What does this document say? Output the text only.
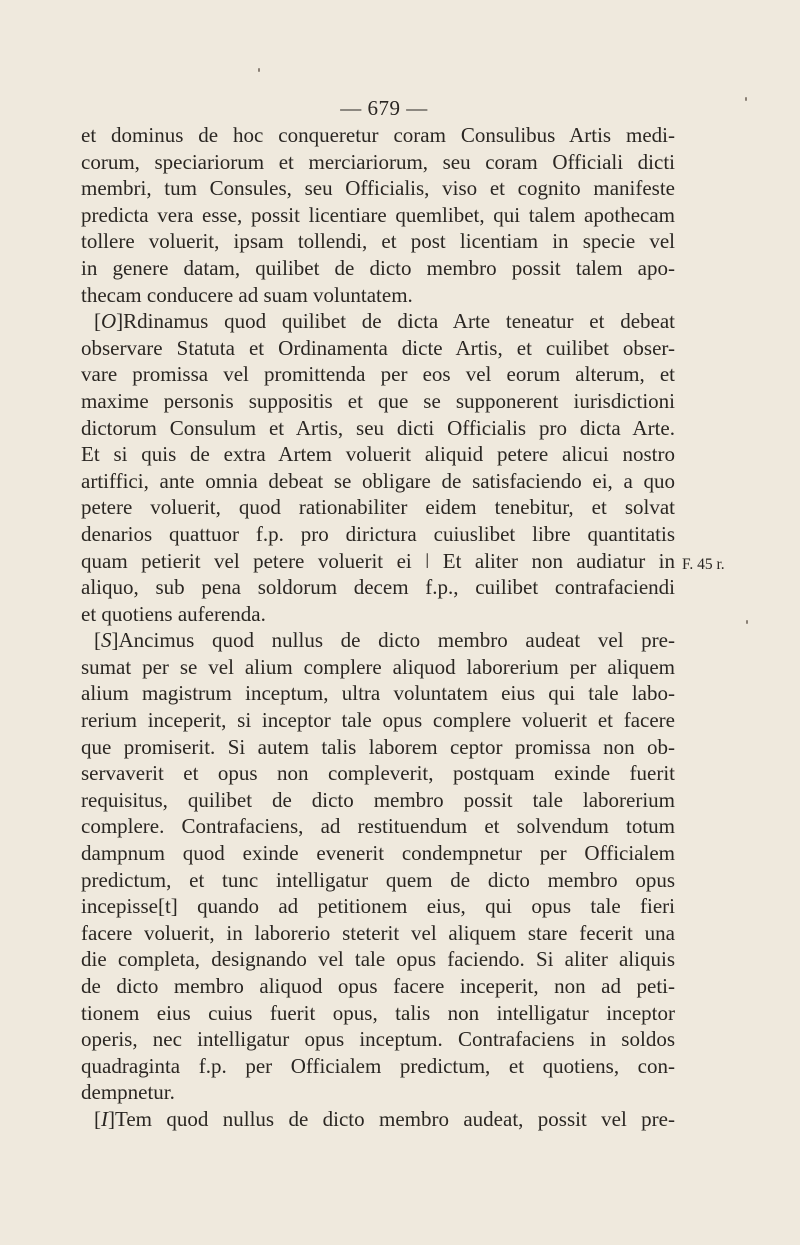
— 679 —
et dominus de hoc conqueretur coram Consulibus Artis medi-
corum, speciariorum et merciariorum, seu coram Officiali dicti
membri, tum Consules, seu Officialis, viso et cognito manifeste
predicta vera esse, possit licentiare quemlibet, qui talem apothecam
tollere voluerit, ipsam tollendi, et post licentiam in specie vel
in genere datam, quilibet de dicto membro possit talem apo-
thecam conducere ad suam voluntatem.
[O]Rdinamus quod quilibet de dicta Arte teneatur et debeat
observare Statuta et Ordinamenta dicte Artis, et cuilibet obser-
vare promissa vel promittenda per eos vel eorum alterum, et
maxime personis suppositis et que se supponerent iurisdictioni
dictorum Consulum et Artis, seu dicti Officialis pro dicta Arte.
Et si quis de extra Artem voluerit aliquid petere alicui nostro
artiffici, ante omnia debeat se obligare de satisfaciendo ei, a quo
petere voluerit, quod rationabiliter eidem tenebitur, et solvat
denarios quattuor f.p. pro dirictura cuiuslibet libre quantitatis
quam petierit vel petere voluerit ei ǀ Et aliter non audiatur in
aliquo, sub pena soldorum decem f.p., cuilibet contrafaciendi
et quotiens auferenda.
[S]Ancimus quod nullus de dicto membro audeat vel pre-
sumat per se vel alium complere aliquod laborerium per aliquem
alium magistrum inceptum, ultra voluntatem eius qui tale labo-
rerium inceperit, si inceptor tale opus complere voluerit et facere
que promiserit. Si autem talis laborem ceptor promissa non ob-
servaverit et opus non compleverit, postquam exinde fuerit
requisitus, quilibet de dicto membro possit tale laborerium
complere. Contrafaciens, ad restituendum et solvendum totum
dampnum quod exinde evenerit condempnetur per Officialem
predictum, et tunc intelligatur quem de dicto membro opus
incepisse[t] quando ad petitionem eius, qui opus tale fieri
facere voluerit, in laborerio steterit vel aliquem stare fecerit una
die completa, designando vel tale opus faciendo. Si aliter aliquis
de dicto membro aliquod opus facere inceperit, non ad peti-
tionem eius cuius fuerit opus, talis non intelligatur inceptor
operis, nec intelligatur opus inceptum. Contrafaciens in soldos
quadraginta f.p. per Officialem predictum, et quotiens, con-
dempnetur.
[I]Tem quod nullus de dicto membro audeat, possit vel pre-
F. 45 r.
